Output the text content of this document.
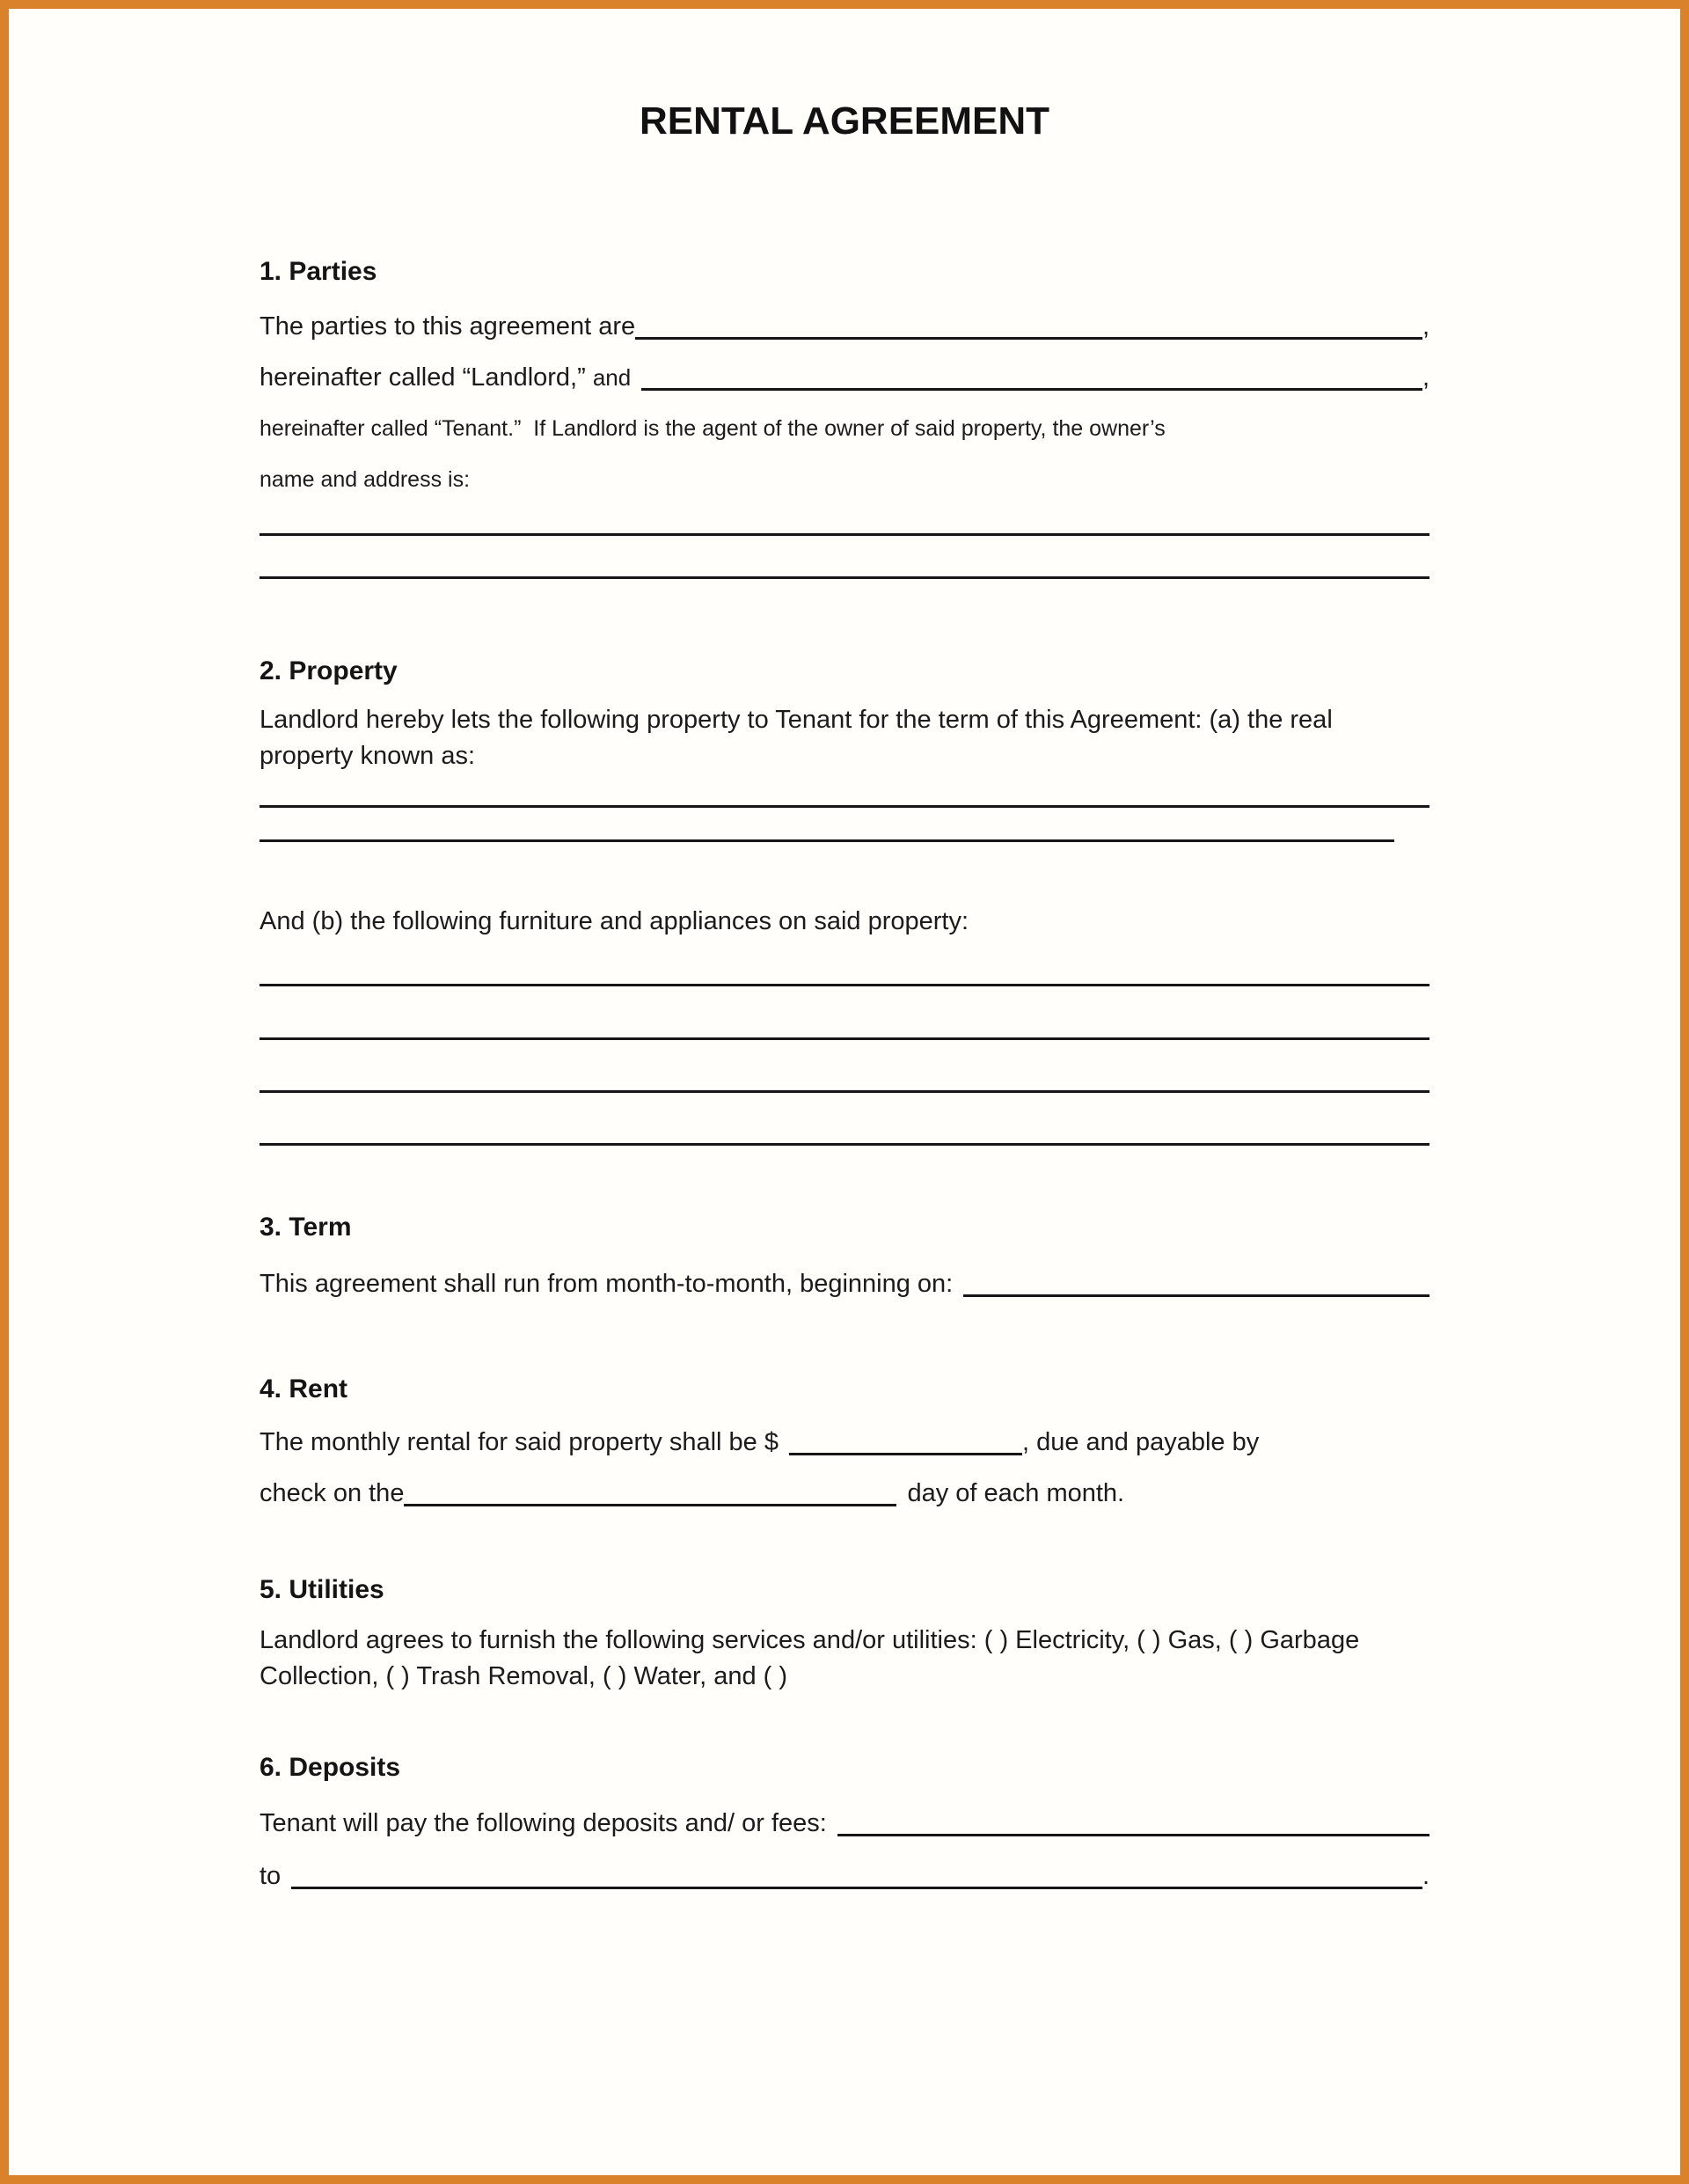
RENTAL AGREEMENT
1. Parties
The parties to this agreement are	,
hereinafter called “Landlord,” and	,
hereinafter called “Tenant.”  If Landlord is the agent of the owner of said property, the owner’s
name and address is:
2. Property

Landlord hereby lets the following property to Tenant for the term of this Agreement: (a) the real property known as:

And (b) the following furniture and appliances on said property:

3. Term
This agreement shall run from month-to-month, beginning on:
4. Rent
The monthly rental for said property shall be $	, due and payable by
check on the	day of each month.
5. Utilities

Landlord agrees to furnish the following services and/or utilities: ( ) Electricity, ( ) Gas, ( ) Garbage Collection, ( ) Trash Removal, ( ) Water, and ( )

6. Deposits
Tenant will pay the following deposits and/ or fees:
to	.
